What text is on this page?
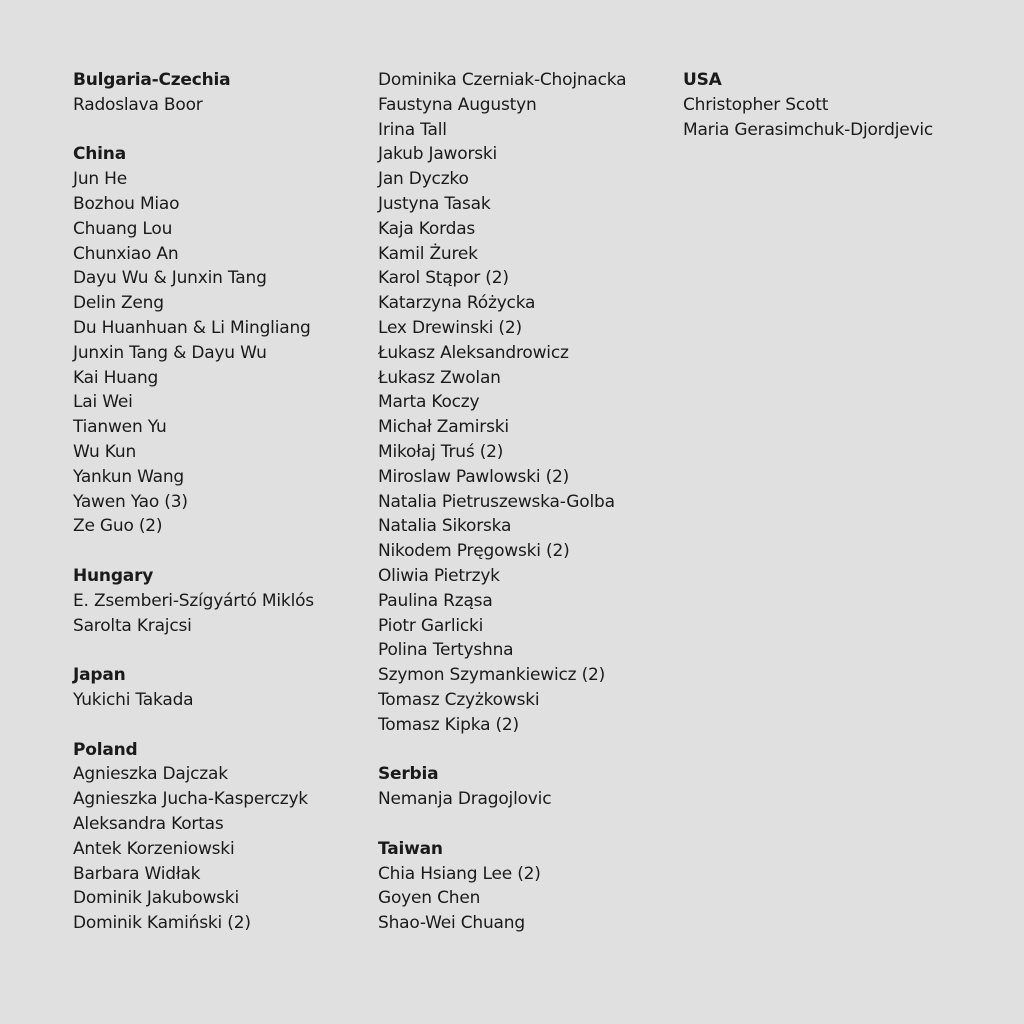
Bulgaria-Czechia
Radoslava Boor
China
Jun He
Bozhou Miao
Chuang Lou
Chunxiao An
Dayu Wu & Junxin Tang
Delin Zeng
Du Huanhuan & Li Mingliang
Junxin Tang & Dayu Wu
Kai Huang
Lai Wei
Tianwen Yu
Wu Kun
Yankun Wang
Yawen Yao (3)
Ze Guo (2)
Hungary
E. Zsemberi-Szígyártó Miklós
Sarolta Krajcsi
Japan
Yukichi Takada
Poland
Agnieszka Dajczak
Agnieszka Jucha-Kasperczyk
Aleksandra Kortas
Antek Korzeniowski
Barbara Widłak
Dominik Jakubowski
Dominik Kamiński (2)
Dominika Czerniak-Chojnacka
Faustyna Augustyn
Irina Tall
Jakub Jaworski
Jan Dyczko
Justyna Tasak
Kaja Kordas
Kamil Żurek
Karol Stąpor (2)
Katarzyna Różycka
Lex Drewinski (2)
Łukasz Aleksandrowicz
Łukasz Zwolan
Marta Koczy
Michał Zamirski
Mikołaj Truś (2)
Miroslaw Pawlowski (2)
Natalia Pietruszewska-Golba
Natalia Sikorska
Nikodem Pręgowski (2)
Oliwia Pietrzyk
Paulina Rząsa
Piotr Garlicki
Polina Tertyshna
Szymon Szymankiewicz (2)
Tomasz Czyżkowski
Tomasz Kipka (2)
Serbia
Nemanja Dragojlovic
Taiwan
Chia Hsiang Lee (2)
Goyen Chen
Shao-Wei Chuang
USA
Christopher Scott
Maria Gerasimchuk-Djordjevic
